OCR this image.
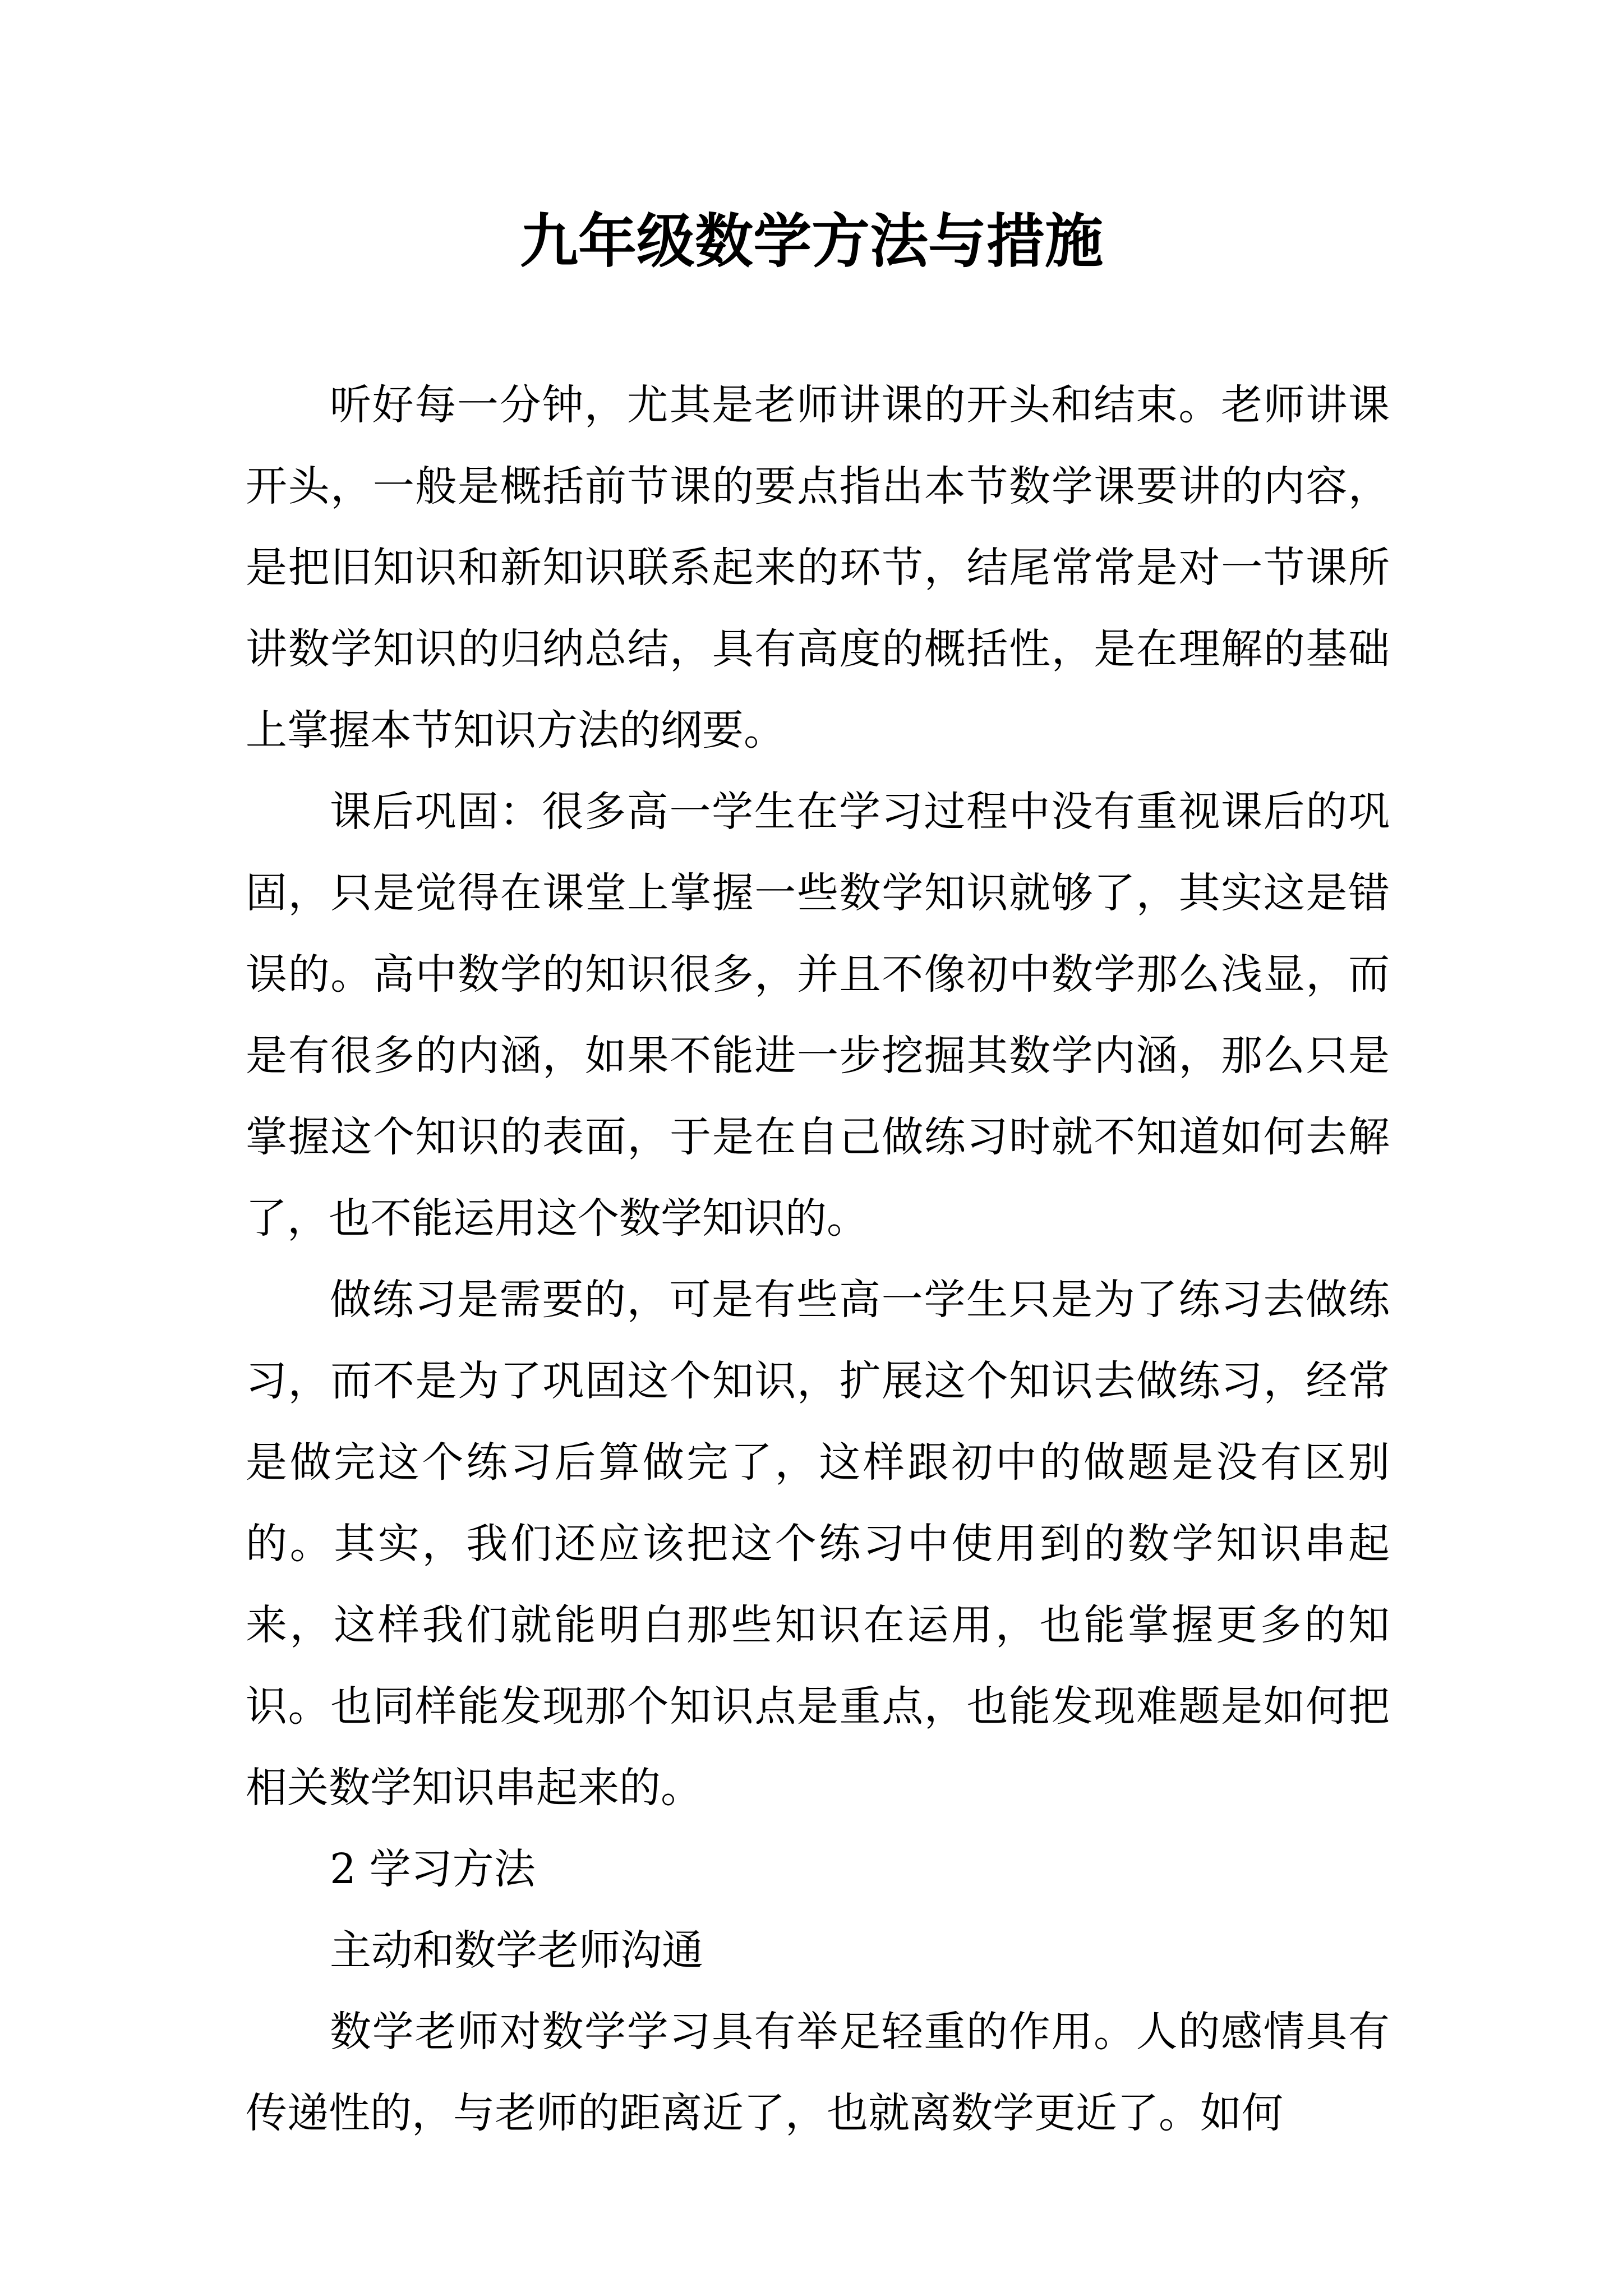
九年级数学方法与措施

听好每一分钟，尤其是老师讲课的开头和结束。老师讲课开头，一般是概括前节课的要点指出本节数学课要讲的内容，是把旧知识和新知识联系起来的环节，结尾常常是对一节课所讲数学知识的归纳总结，具有高度的概括性，是在理解的基础上掌握本节知识方法的纲要。

课后巩固：很多高一学生在学习过程中没有重视课后的巩固，只是觉得在课堂上掌握一些数学知识就够了，其实这是错误的。高中数学的知识很多，并且不像初中数学那么浅显，而是有很多的内涵，如果不能进一步挖掘其数学内涵，那么只是掌握这个知识的表面，于是在自己做练习时就不知道如何去解了，也不能运用这个数学知识的。

做练习是需要的，可是有些高一学生只是为了练习去做练习，而不是为了巩固这个知识，扩展这个知识去做练习，经常是做完这个练习后算做完了，这样跟初中的做题是没有区别的。其实，我们还应该把这个练习中使用到的数学知识串起来，这样我们就能明白那些知识在运用，也能掌握更多的知识。也同样能发现那个知识点是重点，也能发现难题是如何把相关数学知识串起来的。

2 学习方法

主动和数学老师沟通

数学老师对数学学习具有举足轻重的作用。人的感情具有传递性的，与老师的距离近了，也就离数学更近了。如何
